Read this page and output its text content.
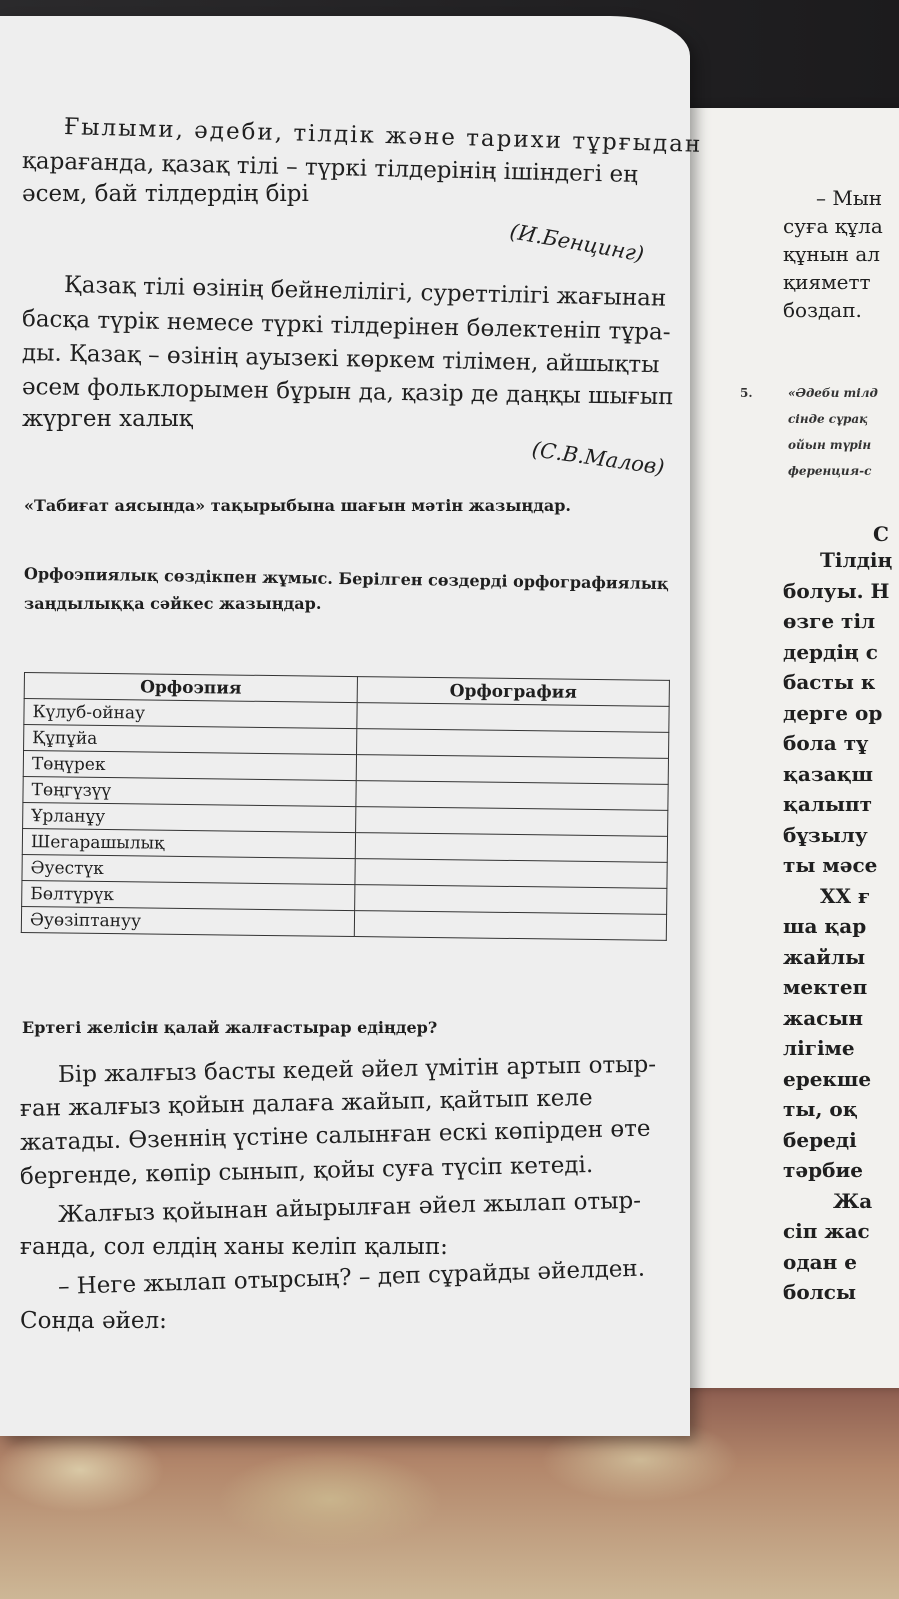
– Мын
суға құла
құнын ал
қияметт
боздап.
5.	«Әдеби тілд
сінде сұрақ
ойын түрін
ференция-с
С
Тілдің
болуы. Н
өзге тіл
дердің с
басты к
дерге ор
бола тұ
қазақш
қалыпт
бұзылу
ты мәсе
XX ғ
ша қар
жайлы
мектеп
жасын
лігіме
ерекше
ты, оқ
береді
тәрбие
Жа
сіп жас
одан е
болсы
Ғылыми, әдеби, тілдік және тарихи тұрғыдан
қарағанда, қазақ тілі – түркі тілдерінің ішіндегі ең
әсем, бай тілдердің бірі
(И.Бенцинг)
Қазақ тілі өзінің бейнелілігі, суреттілігі жағынан
басқа түрік немесе түркі тілдерінен бөлектеніп тұра-
ды. Қазақ – өзінің ауызекі көркем тілімен, айшықты
әсем фольклорымен бұрын да, қазір де даңқы шығып
жүрген халық
(С.В.Малов)
«Табиғат аясында» тақырыбына шағын мәтін жазыңдар.
Орфоэпиялық сөздікпен жұмыс. Берілген сөздерді орфографиялық
заңдылыққа сәйкес жазыңдар.
Орфоэпия	Орфография
Күлуб-ойнау	
Құпұйа	
Төңүрек	
Төңгүзүү	
Ұрланұу	
Шегарашылық	
Әуестүк	
Бөлтүрүк	
Әуөзіптануу	
Ертегі желісін қалай жалғастырар едіңдер?
Бір жалғыз басты кедей әйел үмітін артып отыр-
ған жалғыз қойын далаға жайып, қайтып келе
жатады. Өзеннің үстіне салынған ескі көпірден өте
бергенде, көпір сынып, қойы суға түсіп кетеді.
Жалғыз қойынан айырылған әйел жылап отыр-
ғанда, сол елдің ханы келіп қалып:
– Неге жылап отырсың? – деп сұрайды әйелден.
Сонда әйел:
